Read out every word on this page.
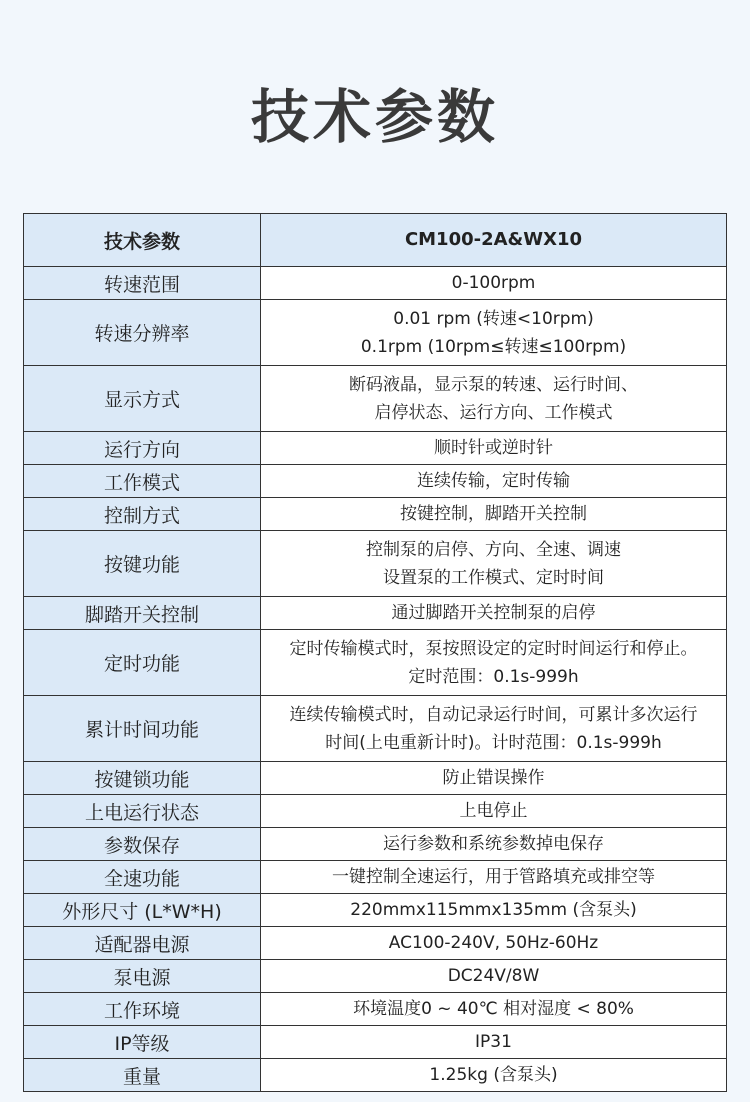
技术参数
技术参数	CM100-2A&WX10
转速范围	0-100rpm

转速分辨率	0.01 rpm (转速<10rpm)
0.1rpm (10rpm≤转速≤100rpm)

显示方式	断码液晶，显示泵的转速、运行时间、
启停状态、运行方向、工作模式

运行方向	顺时针或逆时针

工作模式	连续传输，定时传输

控制方式	按键控制，脚踏开关控制

按键功能	控制泵的启停、方向、全速、调速
设置泵的工作模式、定时时间

脚踏开关控制	通过脚踏开关控制泵的启停

定时功能	定时传输模式时，泵按照设定的定时时间运行和停止。
定时范围：0.1s-999h

累计时间功能	连续传输模式时，自动记录运行时间，可累计多次运行
时间(上电重新计时)。计时范围：0.1s-999h

按键锁功能	防止错误操作

上电运行状态	上电停止

参数保存	运行参数和系统参数掉电保存

全速功能	一键控制全速运行，用于管路填充或排空等

外形尺寸 (L*W*H)	220mmx115mmx135mm (含泵头)

适配器电源	AC100-240V, 50Hz-60Hz

泵电源	DC24V/8W

工作环境	环境温度0 ~ 40℃ 相对湿度 < 80%

IP等级	IP31

重量	1.25kg (含泵头)
